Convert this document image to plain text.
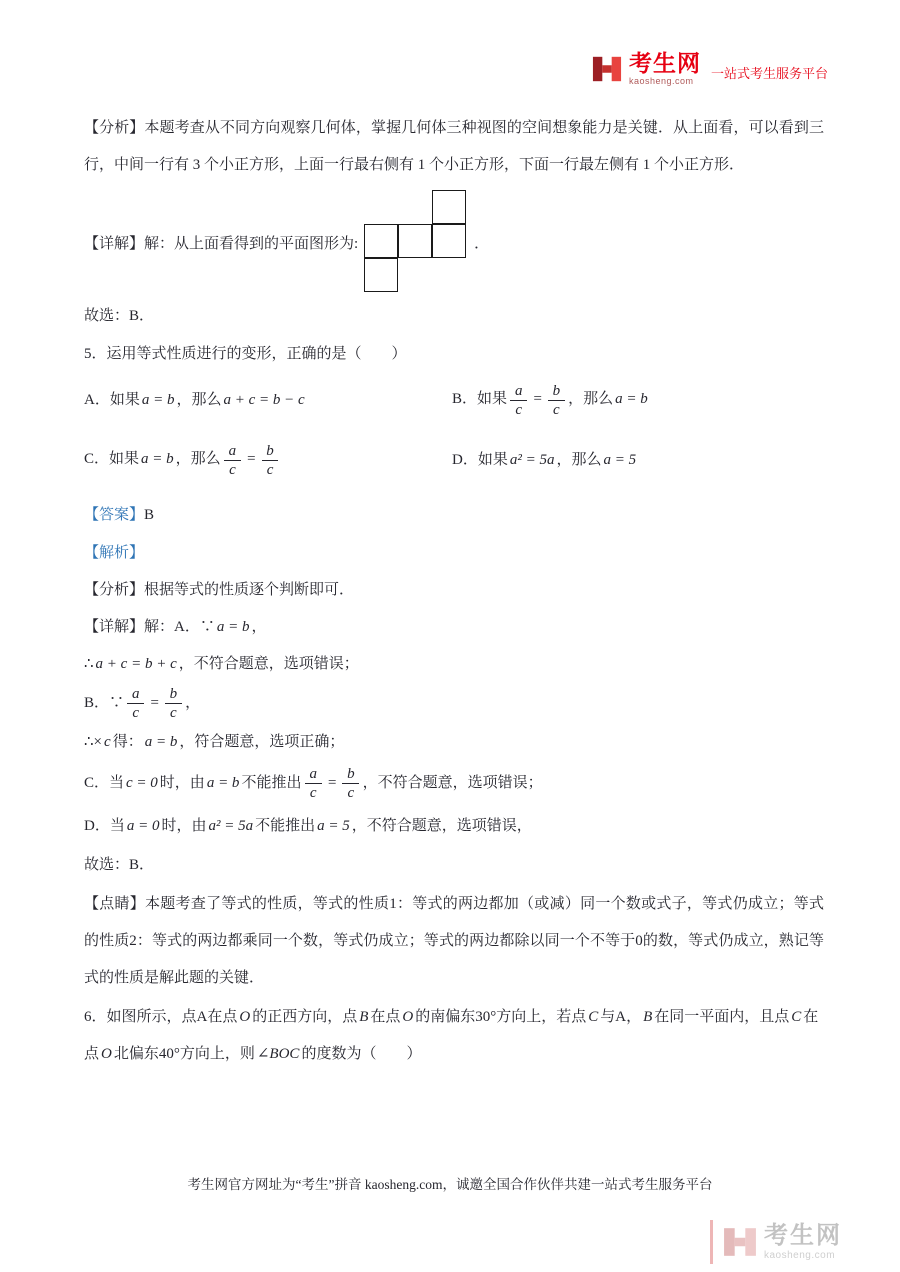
考生网
kaosheng.com	一站式考生服务平台

【分析】本题考查从不同方向观察几何体，掌握几何体三种视图的空间想象能力是关键．从上面看，可以看到三行，中间一行有 3 个小正方形，上面一行最右侧有 1 个小正方形，下面一行最左侧有 1 个小正方形．

【详解】解：从上面看得到的平面图形为:	．

故选：B．

5．运用等式性质进行的变形，正确的是（　　）

A．如果 a = b ，那么 a + c = b − c	B．如果 $\frac{a}{c} = \frac{b}{c}$ ，那么 a = b

C．如果 a = b ，那么 $\frac{a}{c} = \frac{b}{c}$	D．如果 a² = 5a ，那么 a = 5

【答案】B

【解析】

【分析】根据等式的性质逐个判断即可．

【详解】解：A．∵ a = b ，

∴ a + c = b + c ，不符合题意，选项错误；

B．∵ $\frac{a}{c} = \frac{b}{c}$ ，

∴× c 得： a = b ，符合题意，选项正确；

C．当 c = 0 时，由 a = b 不能推出 $\frac{a}{c} = \frac{b}{c}$ ，不符合题意，选项错误；

D．当 a = 0 时，由 a² = 5a 不能推出 a = 5 ，不符合题意，选项错误，

故选：B．

【点睛】本题考查了等式的性质，等式的性质1：等式的两边都加（或减）同一个数或式子，等式仍成立；等式的性质2：等式的两边都乘同一个数，等式仍成立；等式的两边都除以同一个不等于0的数，等式仍成立，熟记等式的性质是解此题的关键．

6．如图所示，点A在点 O 的正西方向，点 B 在点 O 的南偏东30°方向上，若点 C 与A， B 在同一平面内，且点 C 在点 O 北偏东40°方向上，则 ∠BOC 的度数为（　　）

考生网官方网址为“考生”拼音 kaosheng.com，诚邀全国合作伙伴共建一站式考生服务平台

考生网
kaosheng.com
